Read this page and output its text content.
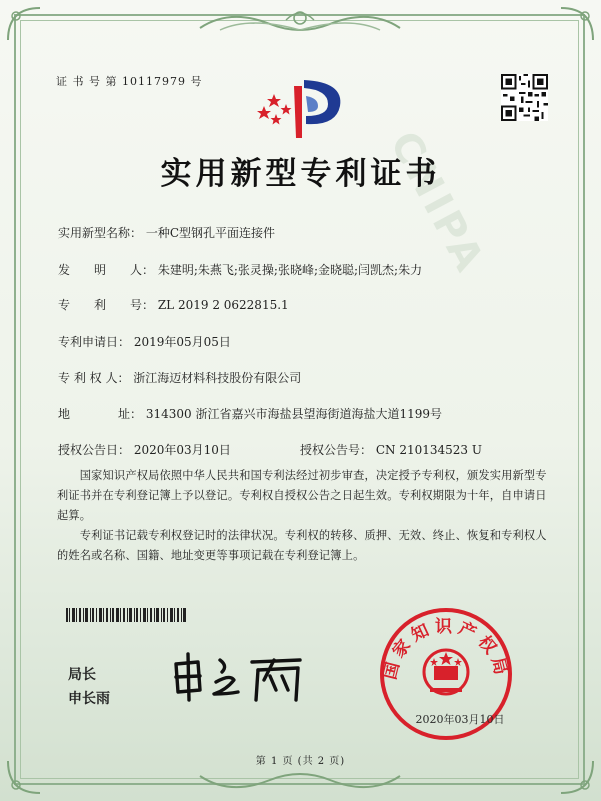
CNIPA
证 书 号 第 10117979 号
实用新型专利证书
实用新型名称： 一种C型钢孔平面连接件
发　　明　　人： 朱建明;朱燕飞;张灵操;张晓峰;金晓聪;闫凯杰;朱力
专　　利　　号： ZL 2019 2 0622815.1
专利申请日： 2019年05月05日
专 利 权 人： 浙江海迈材料科技股份有限公司
地　　　　址： 314300 浙江省嘉兴市海盐县望海街道海盐大道1199号
授权公告日： 2020年03月10日	授权公告号： CN 210134523 U
　　国家知识产权局依照中华人民共和国专利法经过初步审查，决定授予专利权，颁发实用新型专利证书并在专利登记簿上予以登记。专利权自授权公告之日起生效。专利权期限为十年，自申请日起算。
　　专利证书记载专利权登记时的法律状况。专利权的转移、质押、无效、终止、恢复和专利权人的姓名或名称、国籍、地址变更等事项记载在专利登记簿上。
局长
申长雨
国家知识产权局
2020年03月10日
第 1 页 (共 2 页)
